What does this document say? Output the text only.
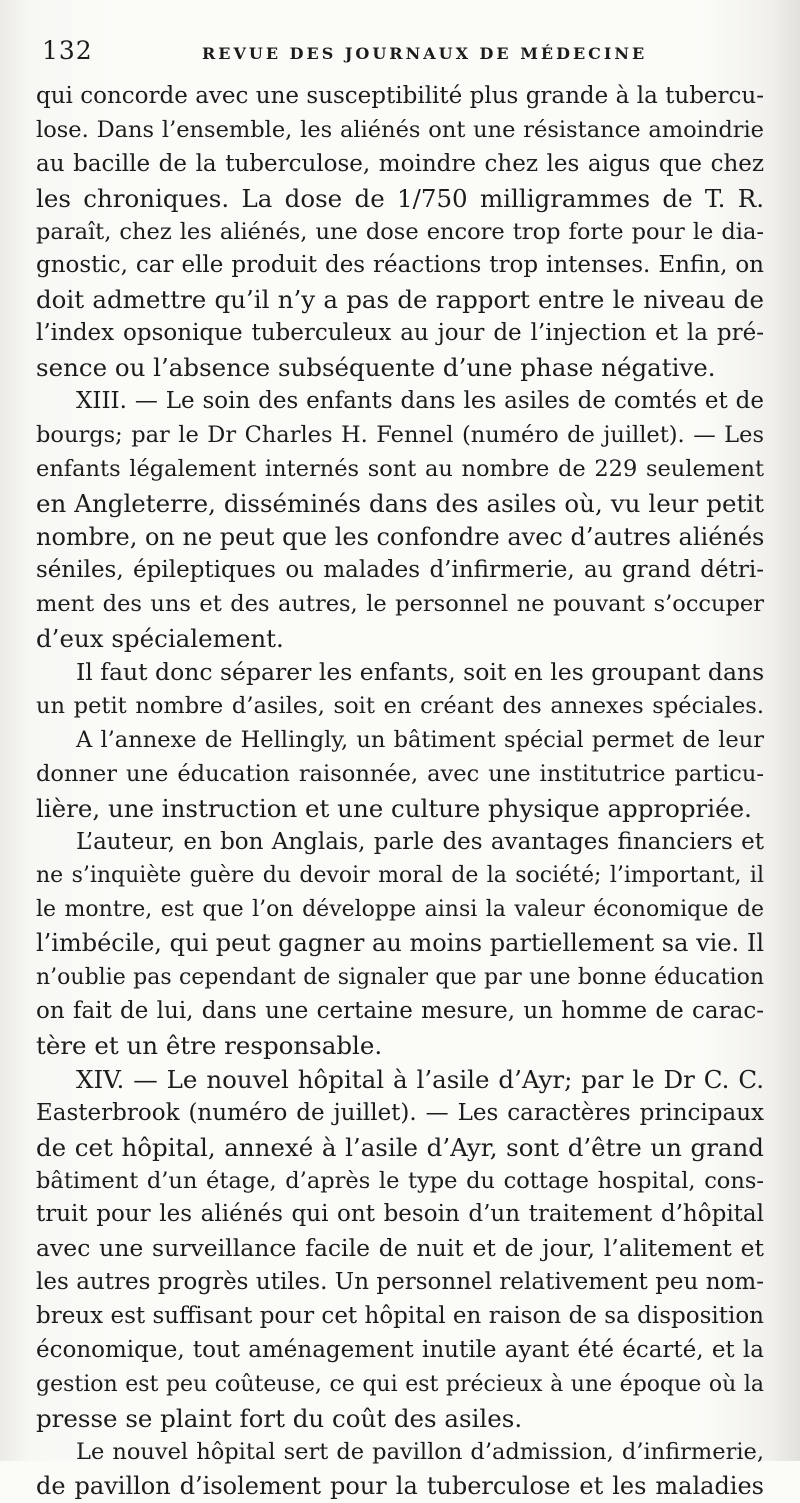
132	REVUE DES JOURNAUX DE MÉDECINE
qui concorde avec une susceptibilité plus grande à la tubercu-
lose. Dans l’ensemble, les aliénés ont une résistance amoindrie
au bacille de la tuberculose, moindre chez les aigus que chez
les chroniques. La dose de 1/750 milligrammes de T. R.
paraît, chez les aliénés, une dose encore trop forte pour le dia-
gnostic, car elle produit des réactions trop intenses. Enfin, on
doit admettre qu’il n’y a pas de rapport entre le niveau de
l’index opsonique tuberculeux au jour de l’injection et la pré-
sence ou l’absence subséquente d’une phase négative.
XIII. — Le soin des enfants dans les asiles de comtés et de
bourgs; par le Dr Charles H. Fennel (numéro de juillet). — Les
enfants légalement internés sont au nombre de 229 seulement
en Angleterre, disséminés dans des asiles où, vu leur petit
nombre, on ne peut que les confondre avec d’autres aliénés
séniles, épileptiques ou malades d’infirmerie, au grand détri-
ment des uns et des autres, le personnel ne pouvant s’occuper
d’eux spécialement.
Il faut donc séparer les enfants, soit en les groupant dans
un petit nombre d’asiles, soit en créant des annexes spéciales.
A l’annexe de Hellingly, un bâtiment spécial permet de leur
donner une éducation raisonnée, avec une institutrice particu-
lière, une instruction et une culture physique appropriée.
L’auteur, en bon Anglais, parle des avantages financiers et
ne s’inquiète guère du devoir moral de la société; l’important, il
le montre, est que l’on développe ainsi la valeur économique de
l’imbécile, qui peut gagner au moins partiellement sa vie. Il
n’oublie pas cependant de signaler que par une bonne éducation
on fait de lui, dans une certaine mesure, un homme de carac-
tère et un être responsable.
XIV. — Le nouvel hôpital à l’asile d’Ayr; par le Dr C. C.
Easterbrook (numéro de juillet). — Les caractères principaux
de cet hôpital, annexé à l’asile d’Ayr, sont d’être un grand
bâtiment d’un étage, d’après le type du cottage hospital, cons-
truit pour les aliénés qui ont besoin d’un traitement d’hôpital
avec une surveillance facile de nuit et de jour, l’alitement et
les autres progrès utiles. Un personnel relativement peu nom-
breux est suffisant pour cet hôpital en raison de sa disposition
économique, tout aménagement inutile ayant été écarté, et la
gestion est peu coûteuse, ce qui est précieux à une époque où la
presse se plaint fort du coût des asiles.
Le nouvel hôpital sert de pavillon d’admission, d’infirmerie,
de pavillon d’isolement pour la tuberculose et les maladies
